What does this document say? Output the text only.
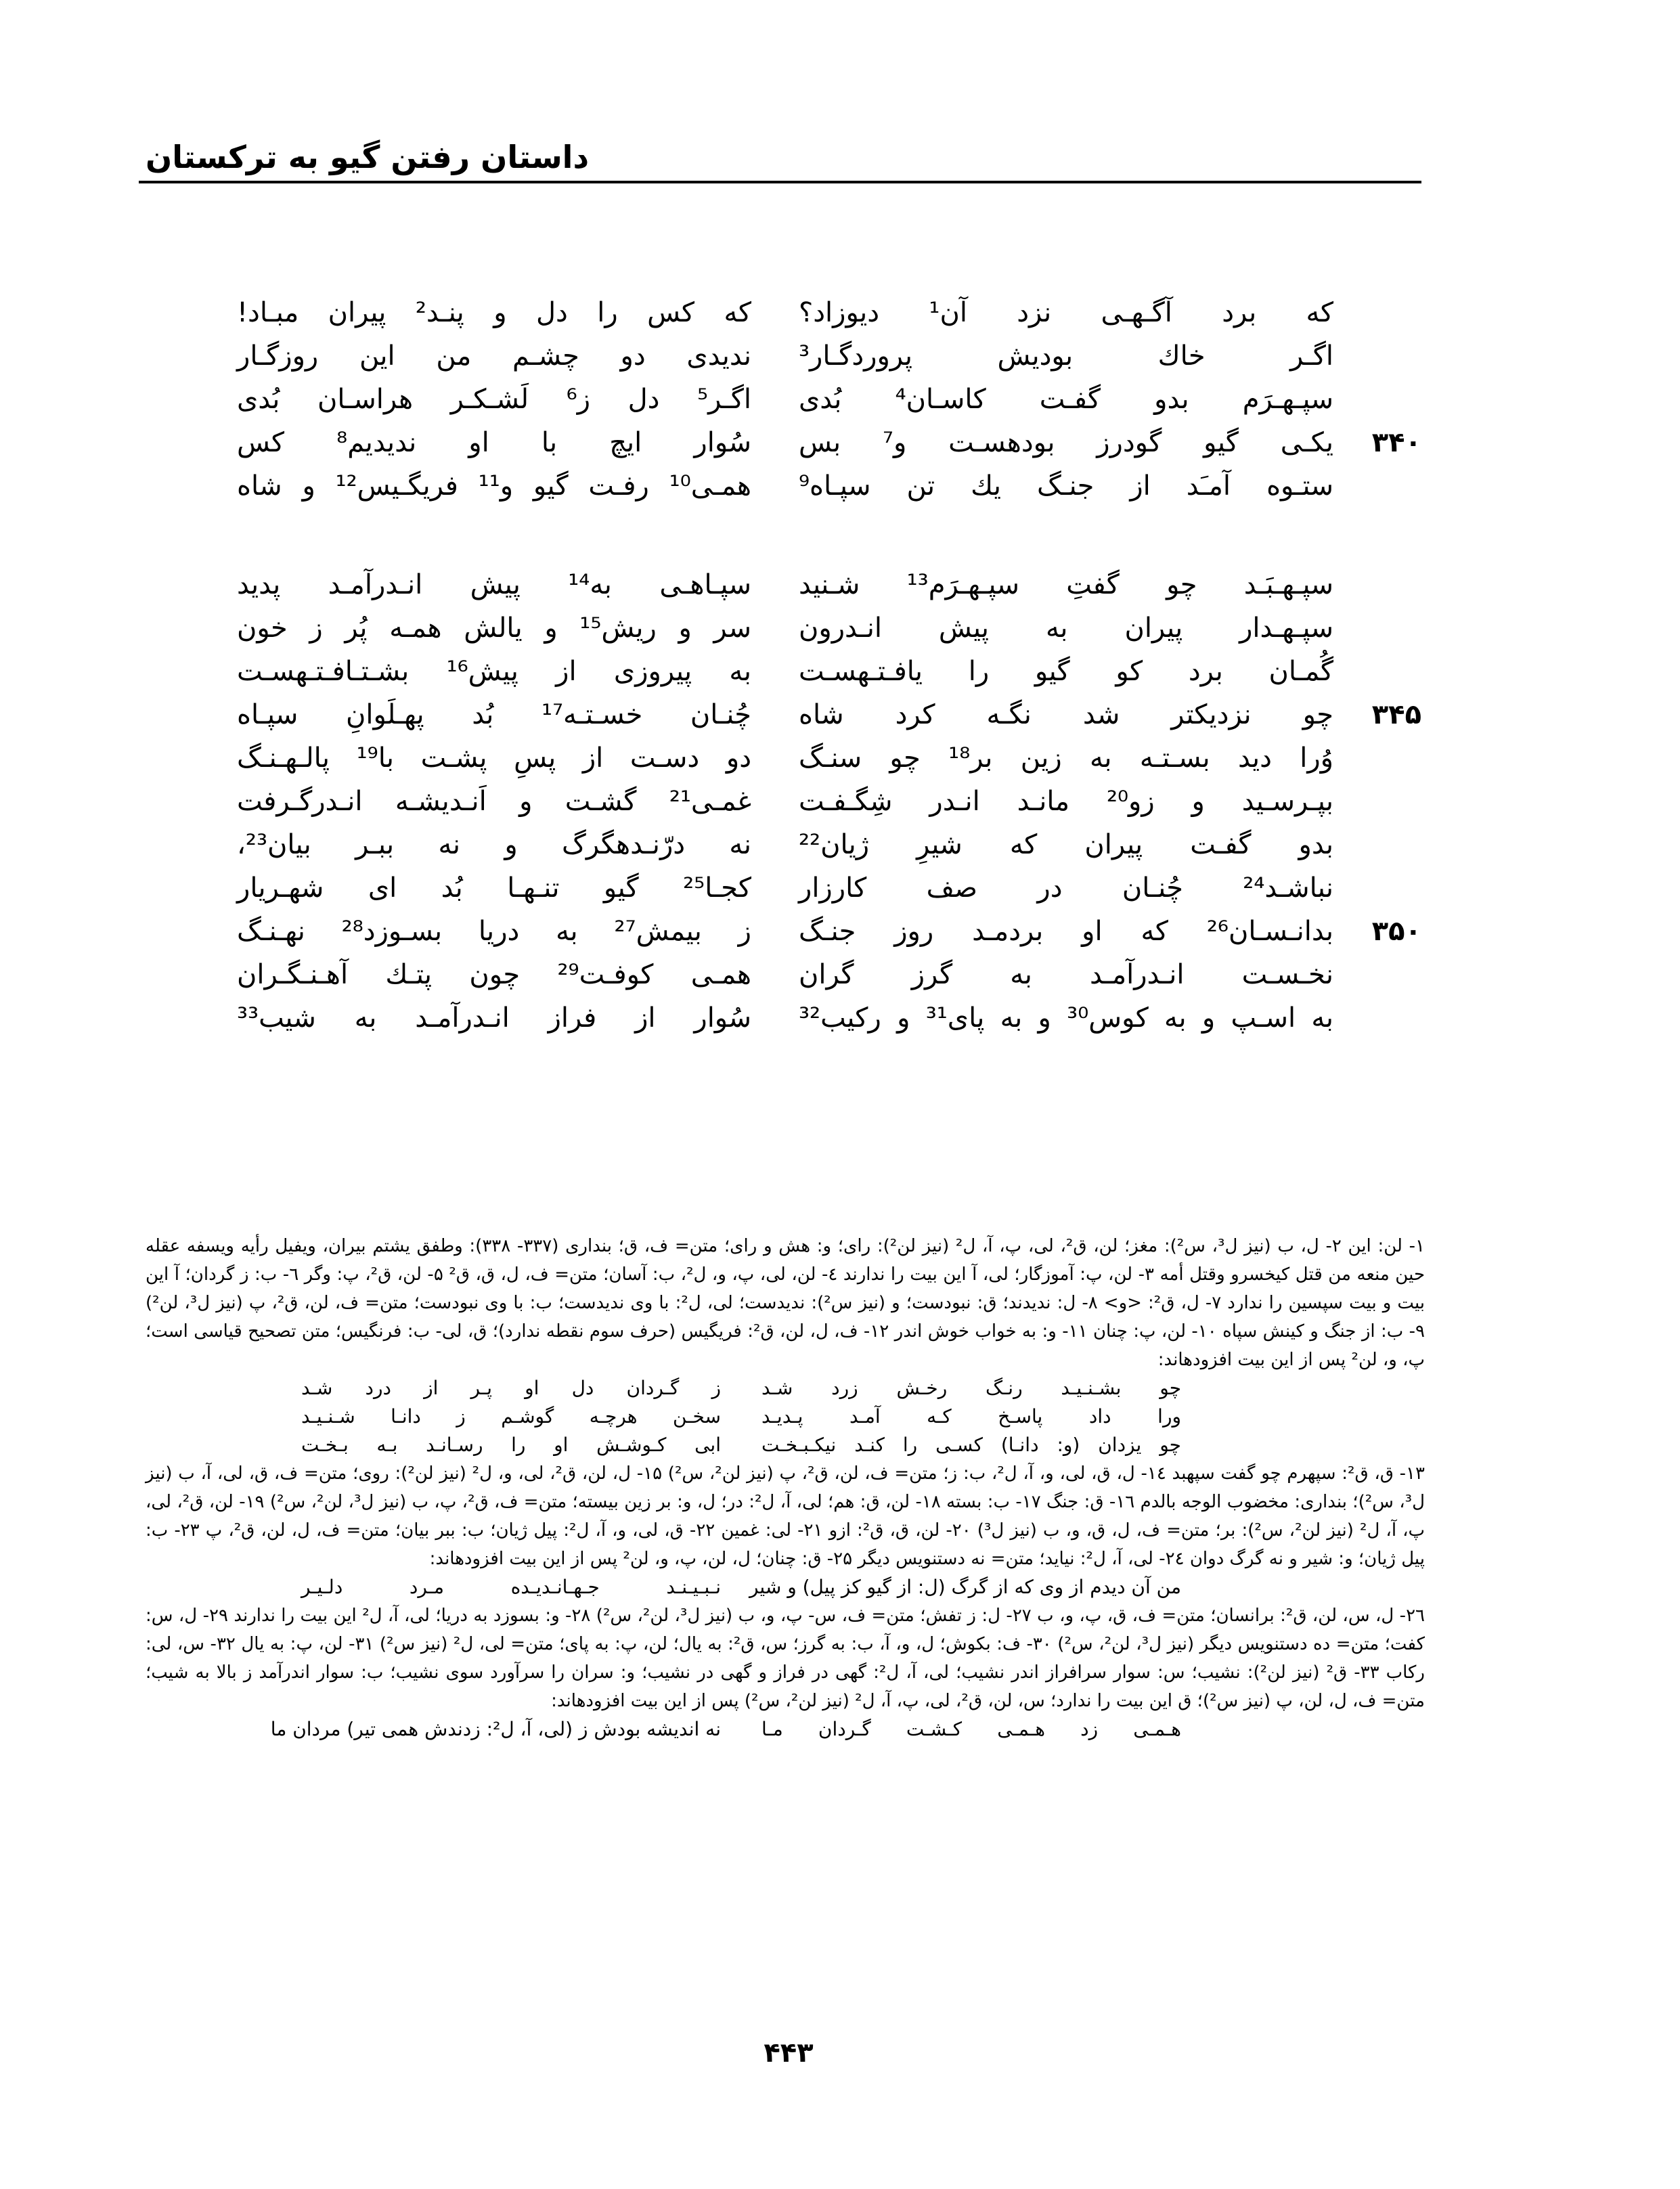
داستان رفتن گیو به ترکستان
که برد آگـهـی نزد آن¹ دیوزاد؟
که کس را دل و پنـد² پیران مبـاد!
اگـر خاك بودیش پروردگـار³
ندیدی دو چشـم من این روزگـار
سپـهـرَم بدو گفـت کاسـان⁴ بُدی
اگـر⁵ دل ز⁶ لَشـکـر هراسـان بُدی
۳۴۰
یکـی گیو گودرز بودهسـت و⁷ بس
سُوار ایچ با او ندیدیم⁸ کس
ستـوه آمـَد از جنـگ یك تن سپـاه⁹
همـی¹⁰ رفـت گیو و¹¹ فریگـیس¹² و شاه
سپـهـبَـد چو گفتِ سپـهـرَم¹³ شـنید
سپـاهـی به¹⁴ پیش انـدرآمـد پدید
سپـهـدار پیران به پیش انـدرون
سر و ریش¹⁵ و یالش همـه پُر ز خون
گُمـان برد کو گیو را یافـتـهسـت
به پیروزی از پیش¹⁶ بشـتـافـتـهسـت
۳۴۵
چو نزدیكتر شد نگـه کرد شاه
چُنـان خسـتـه¹⁷ بُد پهـلَوانِ سپـاه
وُرا دید بسـتـه به زین بر¹⁸ چو سنـگ
دو دسـت از پسِ پشـت با¹⁹ پالـهـنـگ
بپـرسـید و زو²⁰ مانـد انـدر شِگـفـت
غمـی²¹ گشـت و اَنـدیشـه انـدرگـرفت
بدو گفـت پیران که شیرِ ژیان²²
نه درّنـدهگرگ و نه ببـر بیان²³،
نباشـد²⁴ چُنـان در صف کارزار
کجـا²⁵ گیو تنـهـا بُد ای شهـریار
۳۵۰
بدانـسـان²⁶ که او بردمـد روز جنـگ
ز بیمش²⁷ به دریا بسـوزد²⁸ نهـنـگ
نخـسـت انـدرآمـد به گرز گران
همـی کوفـت²⁹ چون پتـك آهـنـگـران
به اسـپ و به کوس³⁰ و به پای³¹ و رکیب³²
سُوار از فراز انـدرآمـد به شیب³³

۱- لن: این ۲- ل، ب (نیز ل³، س²): مغز؛ لن، ق²، لی، پ، آ، ل² (نیز لن²): رای؛ و: هش و رای؛ متن= ف، ق؛ بنداری (۳۳۷- ۳۳۸): وطفق یشتم بیران، ویفیل رأیه ویسفه عقله حین منعه من قتل کیخسرو وقتل أمه ۳- لن، پ: آموزگار؛ لی، آ این بیت را ندارند ٤- لن، لی، پ، و، ل²، ب: آسان؛ متن= ف، ل، ق، ق² ۵- لن، ق²، پ: وگر ٦- ب: ز گردان؛ آ این بیت و بیت سپسین را ندارد ۷- ل، ق²: <و> ۸- ل: ندیدند؛ ق: نبودست؛ و (نیز س²): ندیدست؛ لی، ل²: با وی ندیدست؛ ب: با وی نبودست؛ متن= ف، لن، ق²، پ (نیز ل³، لن²) ۹- ب: از جنگ و کینش سپاه ۱۰- لن، پ: چنان ۱۱- و: به خواب خوش اندر ۱۲- ف، ل، لن، ق²: فریگیس (حرف سوم نقطه ندارد)؛ ق، لی- ب: فرنگیس؛ متن تصحیح قیاسی است؛ پ، و، لن² پس از این بیت افزودهاند:

چو بشـنـیـد رنـگ رخـش زرد شـد
ز گـردان دل او پـر از درد شـد
ورا داد پاسـخ کـه آمـد پـدیـد
سخـن هرچـه گوشـم ز دانـا شـنـیـد
چو یزدان (و: دانـا) کسـی را کنـد نیکـبـخـت
ابی کـوشـش او را رسـانـد بـه بـخـت

۱۳- ق، ق²: سپهرم چو گفت سپهبد ١٤- ل، ق، لی، و، آ، ل²، ب: ز؛ متن= ف، لن، ق²، پ (نیز لن²، س²) ۱۵- ل، لن، ق²، لی، و، ل² (نیز لن²): روی؛ متن= ف، ق، لی، آ، ب (نیز ل³، س²)؛ بنداری: مخضوب الوجه بالدم ١٦- ق: جنگ ۱۷- ب: بسته ۱۸- لن، ق: هم؛ لی، آ، ل²: در؛ ل، و: بر زین بیسته؛ متن= ف، ق²، پ، ب (نیز ل³، لن²، س²) ۱۹- لن، ق²، لی، پ، آ، ل² (نیز لن²، س²): بر؛ متن= ف، ل، ق، و، ب (نیز ل³) ۲۰- لن، ق، ق²: ازو ۲۱- لی: غمین ۲۲- ق، لی، و، آ، ل²: پیل ژیان؛ ب: ببر بیان؛ متن= ف، ل، لن، ق²، پ ۲۳- ب: پیل ژیان؛ و: شیر و نه گرگ دوان ۲٤- لی، آ، ل²: نیاید؛ متن= نه دستنویس دیگر ۲۵- ق: چنان؛ ل، لن، پ، و، لن² پس از این بیت افزودهاند:

من آن دیدم از وی که از گرگ (ل: از گیو کز پیل) و شیر
نـبـیـنـد جـهـانـدیـده مـرد دلـیـر

۲٦- ل، س، لن، ق²: برانسان؛ متن= ف، ق، پ، و، ب ۲۷- ل: ز تفش؛ متن= ف، س- پ، و، ب (نیز ل³، لن²، س²) ۲۸- و: بسوزد به دریا؛ لی، آ، ل² این بیت را ندارند ۲۹- ل، س: کفت؛ متن= ده دستنویس دیگر (نیز ل³، لن²، س²) ۳۰- ف: بکوش؛ ل، و، آ، ب: به گرز؛ س، ق²: به یال؛ لن، پ: به پای؛ متن= لی، ل² (نیز س²) ۳۱- لن، پ: به یال ۳۲- س، لی: رکاب ۳۳- ق² (نیز لن²): نشیب؛ س: سوار سرافراز اندر نشیب؛ لی، آ، ل²: گهی در فراز و گهی در نشیب؛ و: سران را سرآورد سوی نشیب؛ ب: سوار اندرآمد ز بالا به شیب؛ متن= ف، ل، لن، پ (نیز س²)؛ ق این بیت را ندارد؛ س، لن، ق²، لی، پ، آ، ل² (نیز لن²، س²) پس از این بیت افزودهاند:

هـمـی زد هـمـی کـشـت گـردان مـا
نه اندیشه بودش ز (لی، آ، ل²: زدندش همی تیر) مردان ما
۴۴۳
